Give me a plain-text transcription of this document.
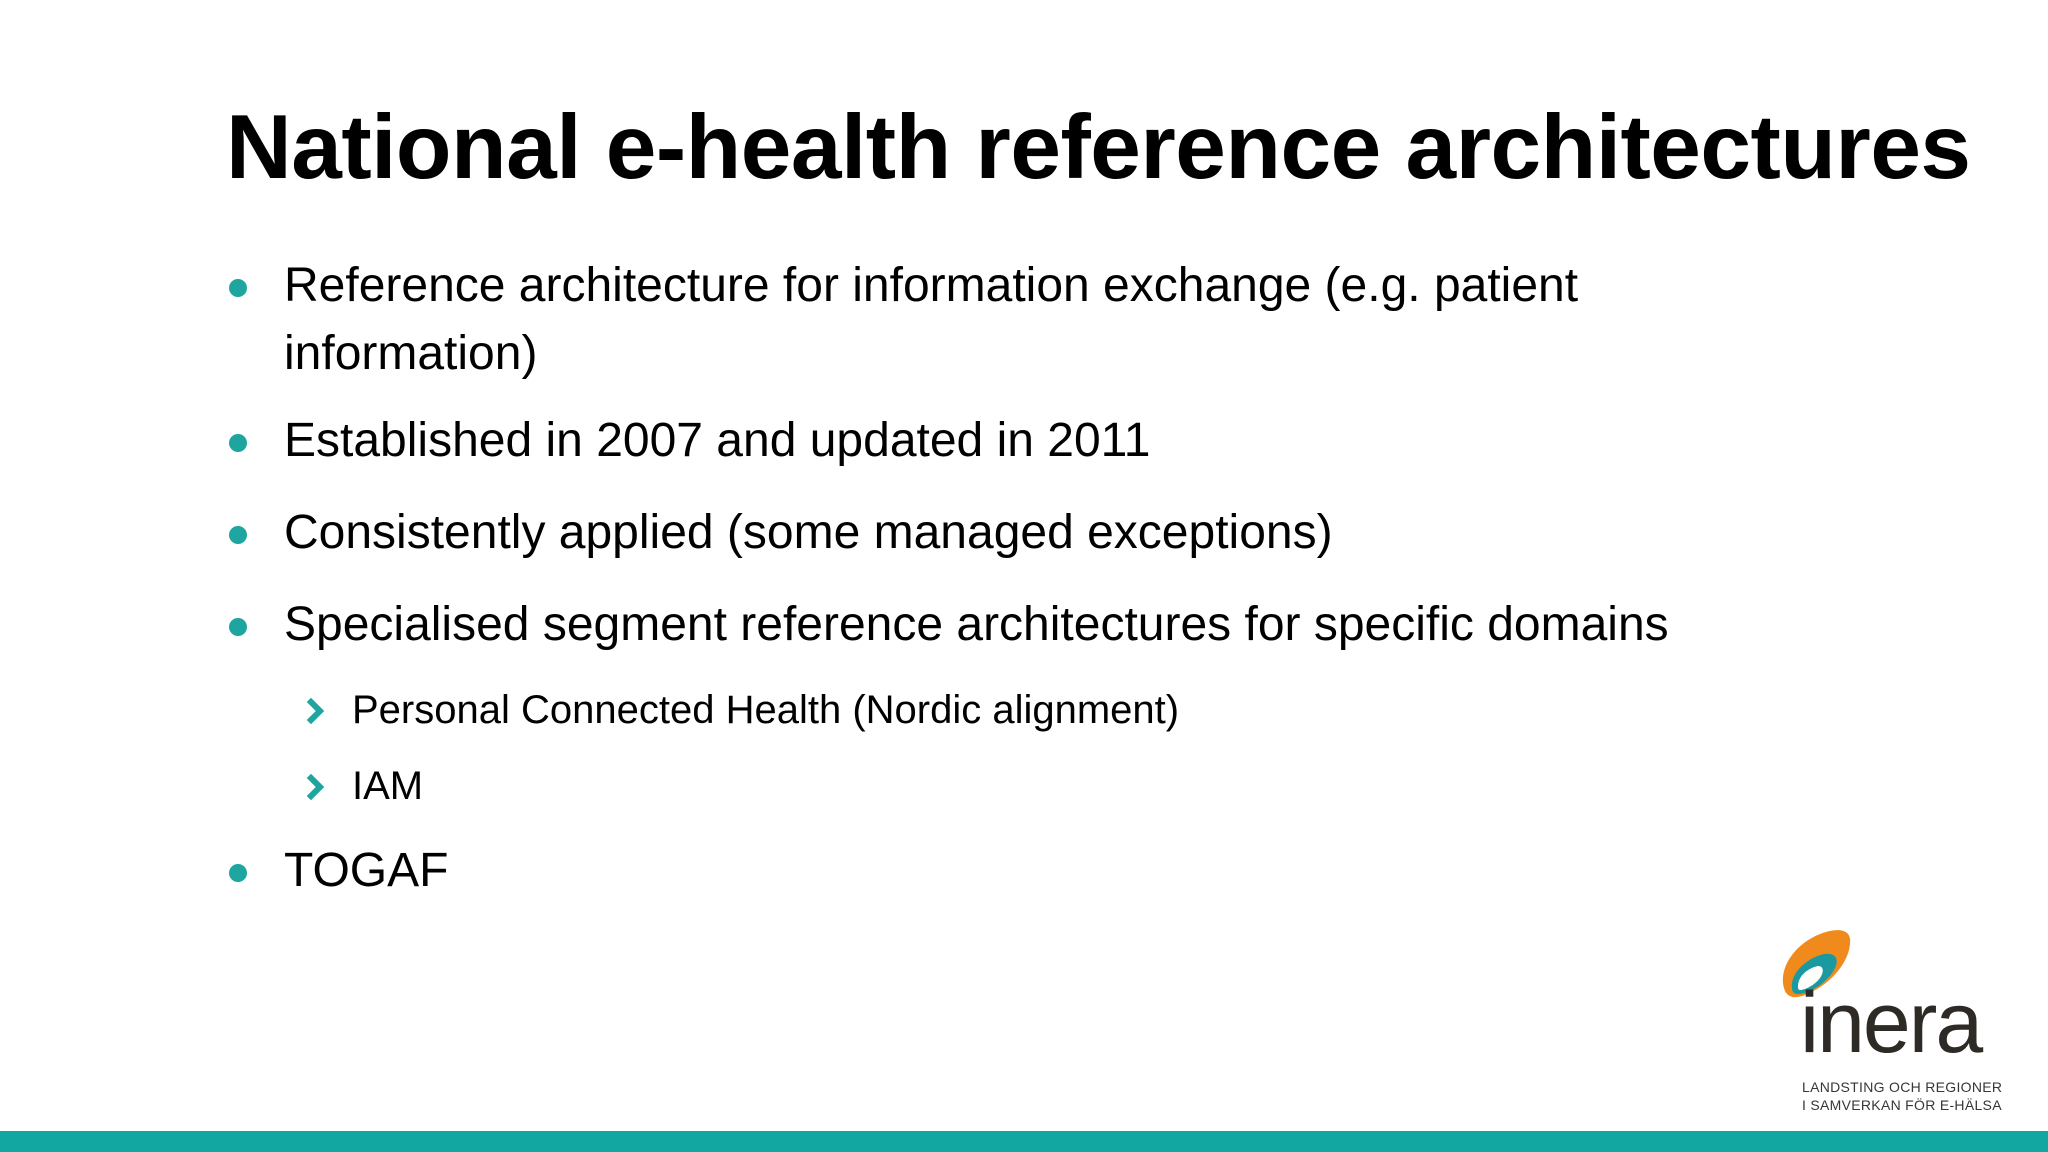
National e-health reference architectures
Reference architecture for information exchange (e.g. patient information)
Established in 2007 and updated in 2011
Consistently applied (some managed exceptions)
Specialised segment reference architectures for specific domains
Personal Connected Health (Nordic alignment)
IAM
TOGAF
inera
LANDSTING OCH REGIONER
I SAMVERKAN FÖR E-HÄLSA
